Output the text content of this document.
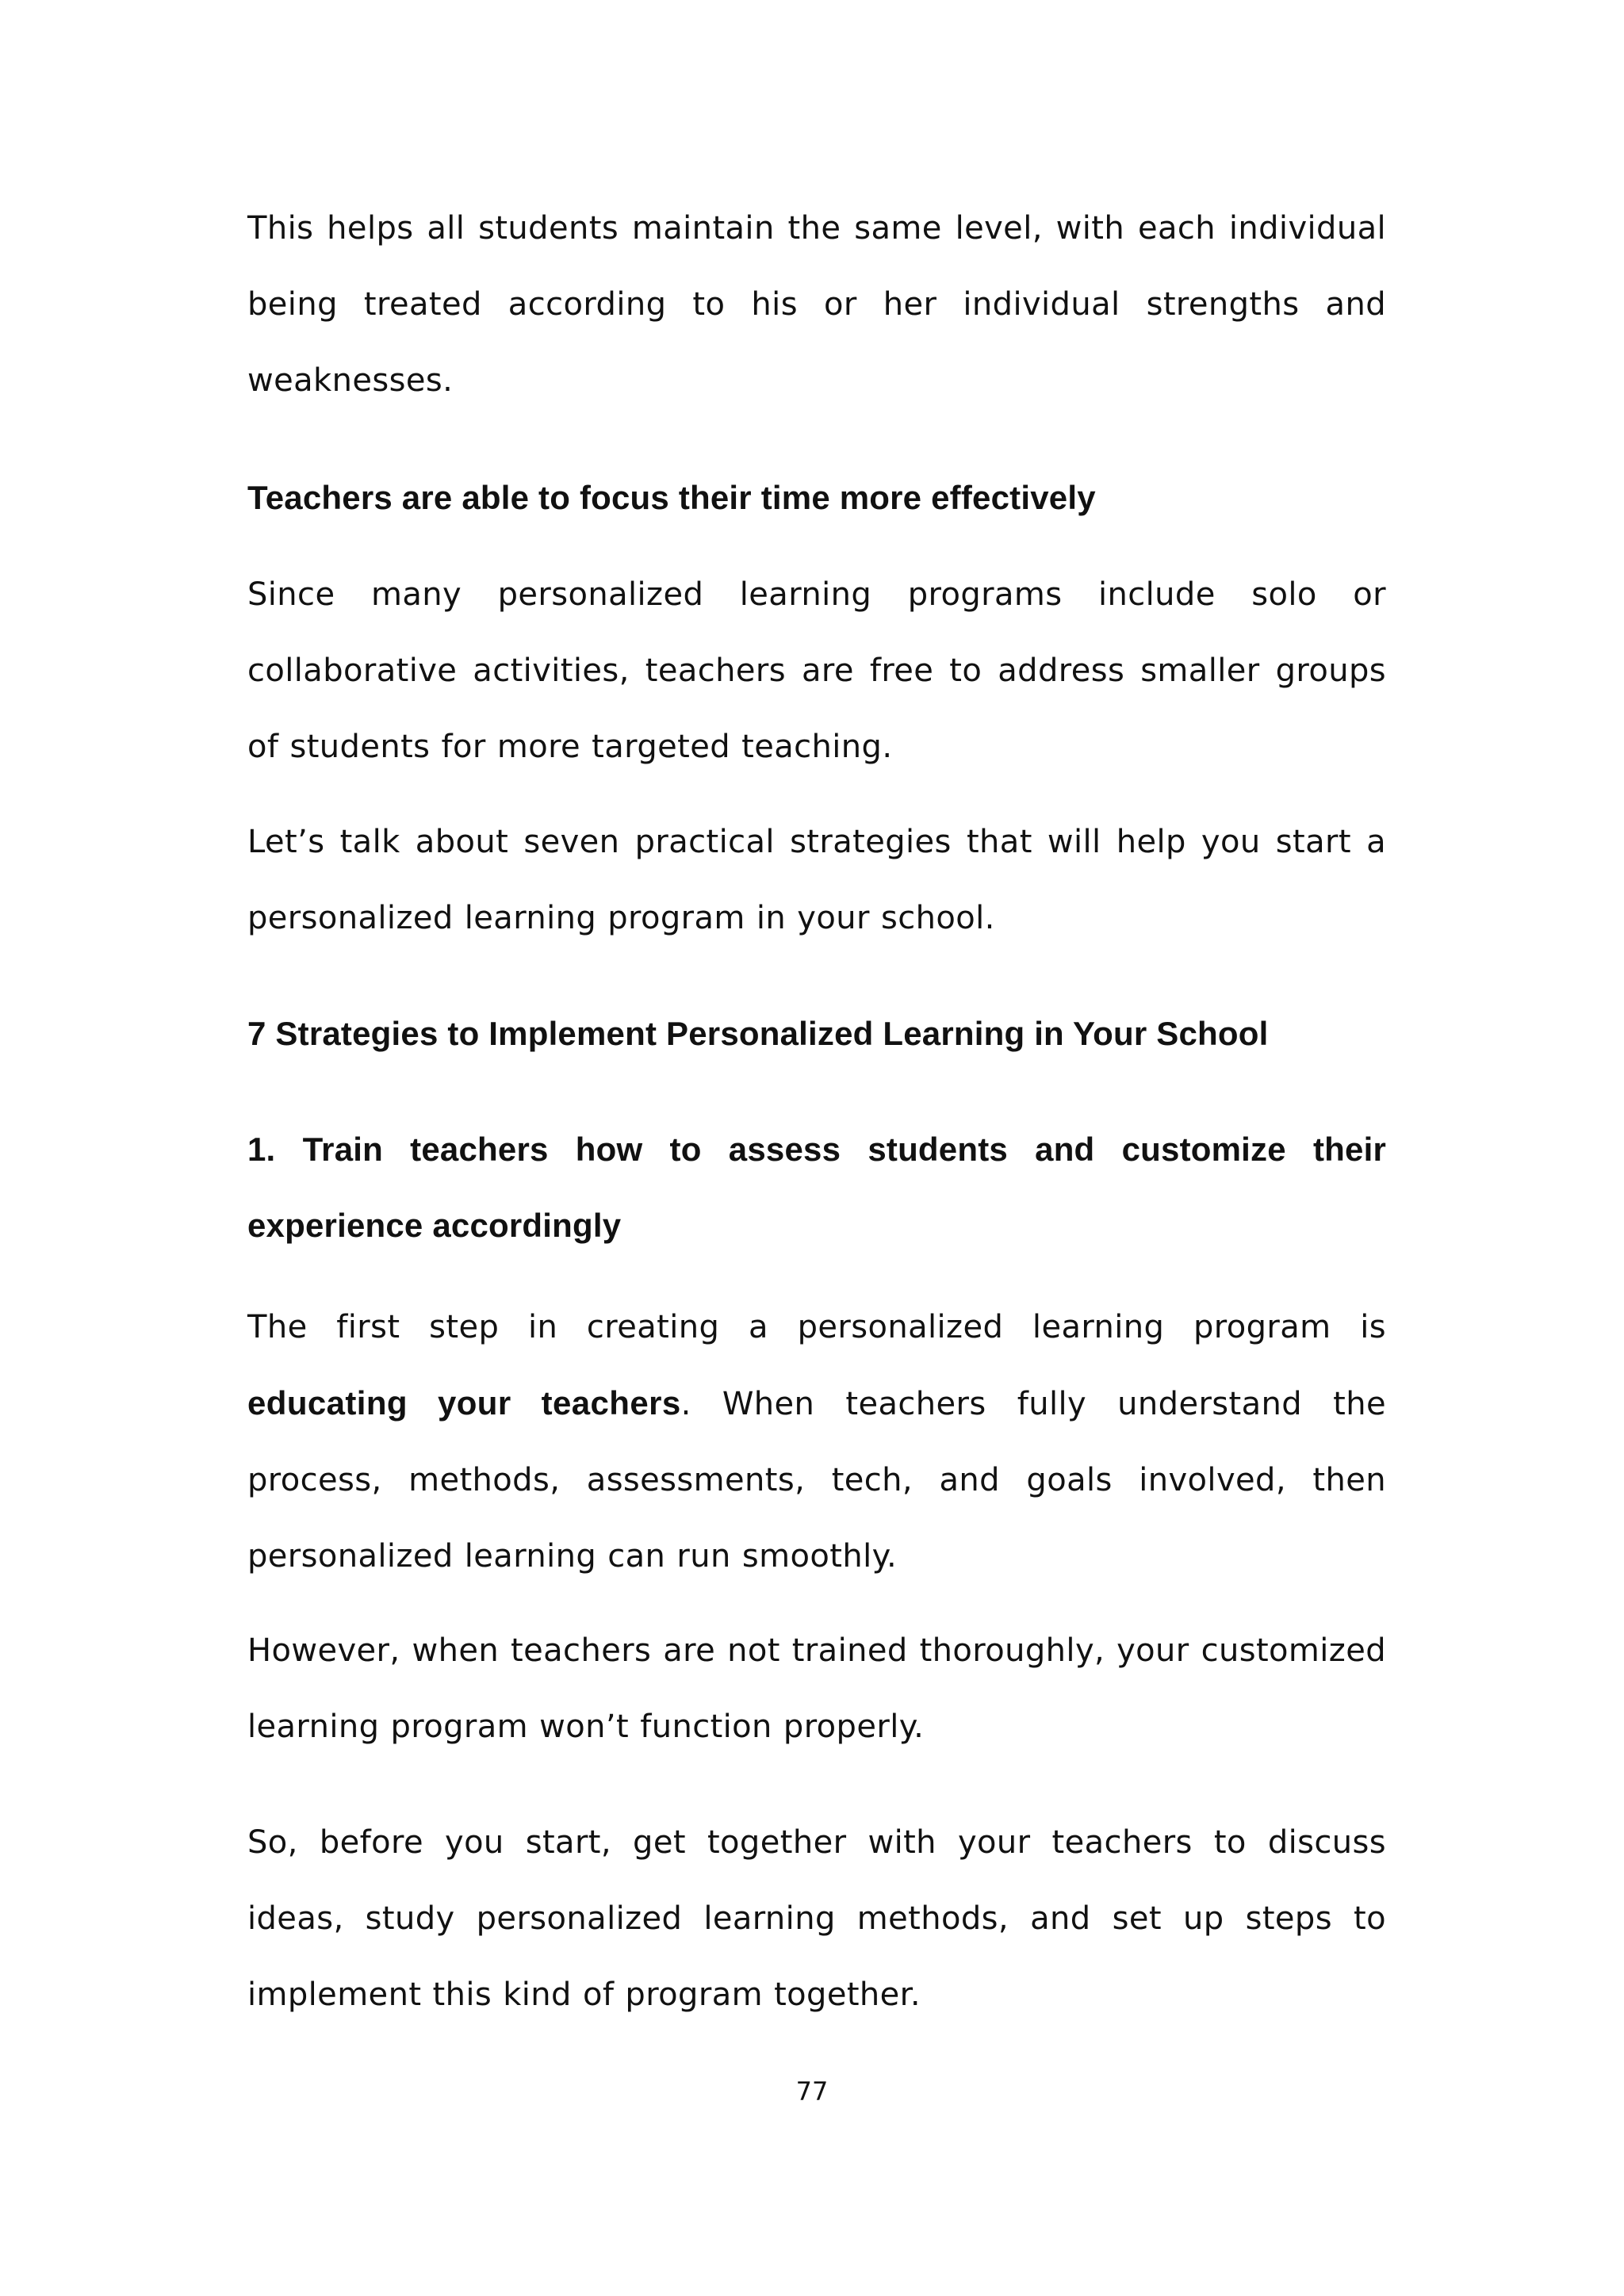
This helps all students maintain the same level, with each individual being treated according to his or her individual strengths and weaknesses.

Teachers are able to focus their time more effectively

Since many personalized learning programs include solo or collaborative activities, teachers are free to address smaller groups of students for more targeted teaching.

Let’s talk about seven practical strategies that will help you start a personalized learning program in your school.

7 Strategies to Implement Personalized Learning in Your School

1. Train teachers how to assess students and customize their experience accordingly

The first step in creating a personalized learning program is educating your teachers. When teachers fully understand the process, methods, assessments, tech, and goals involved, then personalized learning can run smoothly.

However, when teachers are not trained thoroughly, your customized learning program won’t function properly.

So, before you start, get together with your teachers to discuss ideas, study personalized learning methods, and set up steps to implement this kind of program together.

77
